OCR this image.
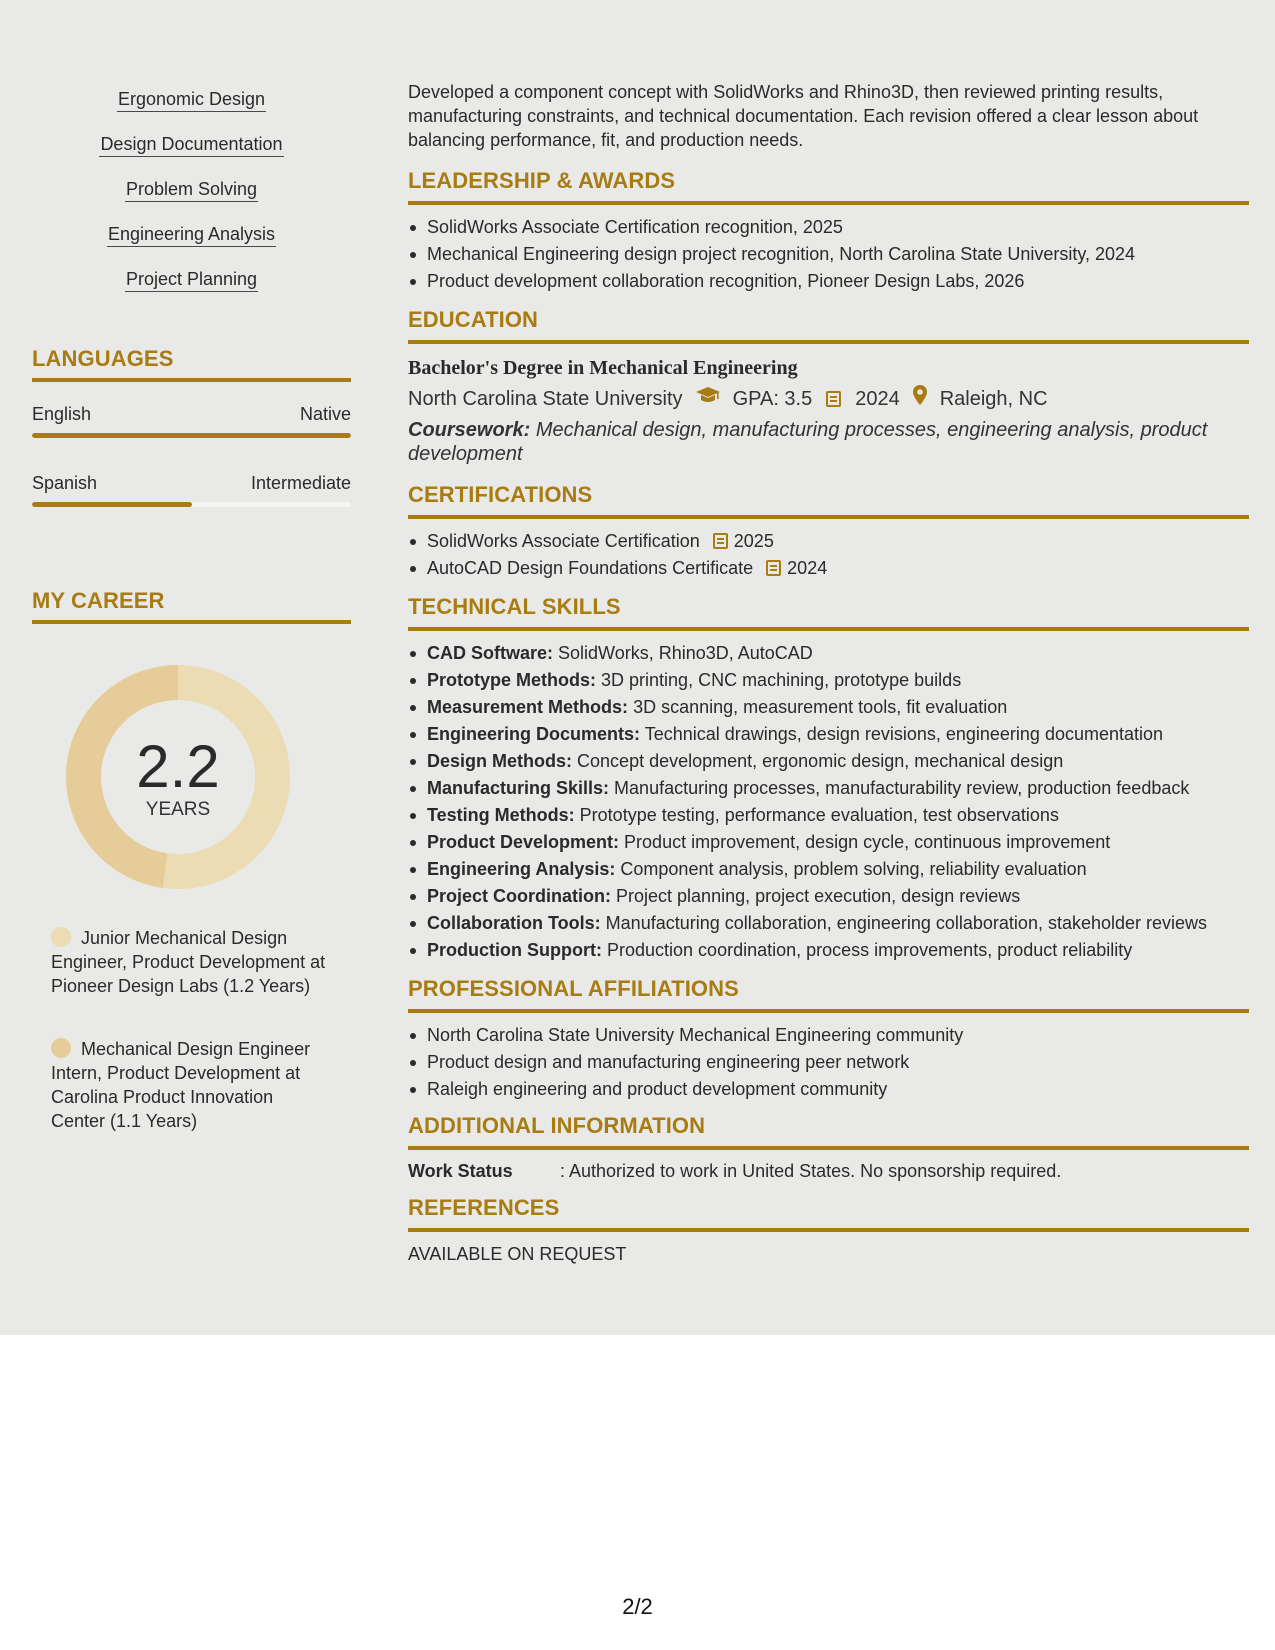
Ergonomic Design
Design Documentation
Problem Solving
Engineering Analysis
Project Planning
LANGUAGES
English	Native
Spanish	Intermediate
MY CAREER
2.2
YEARS
Junior Mechanical Design Engineer, Product Development at Pioneer Design Labs (1.2 Years)
Mechanical Design Engineer Intern, Product Development at Carolina Product Innovation Center (1.1 Years)
Developed a component concept with SolidWorks and Rhino3D, then reviewed printing results, manufacturing constraints, and technical documentation. Each revision offered a clear lesson about balancing performance, fit, and production needs.
LEADERSHIP & AWARDS
SolidWorks Associate Certification recognition, 2025
Mechanical Engineering design project recognition, North Carolina State University, 2024
Product development collaboration recognition, Pioneer Design Labs, 2026
EDUCATION
Bachelor's Degree in Mechanical Engineering
North Carolina State University	GPA: 3.5 2024 Raleigh, NC
Coursework: Mechanical design, manufacturing processes, engineering analysis, product development
CERTIFICATIONS
SolidWorks Associate Certification 2025
AutoCAD Design Foundations Certificate 2024
TECHNICAL SKILLS
CAD Software: SolidWorks, Rhino3D, AutoCAD
Prototype Methods: 3D printing, CNC machining, prototype builds
Measurement Methods: 3D scanning, measurement tools, fit evaluation
Engineering Documents: Technical drawings, design revisions, engineering documentation
Design Methods: Concept development, ergonomic design, mechanical design
Manufacturing Skills: Manufacturing processes, manufacturability review, production feedback
Testing Methods: Prototype testing, performance evaluation, test observations
Product Development: Product improvement, design cycle, continuous improvement
Engineering Analysis: Component analysis, problem solving, reliability evaluation
Project Coordination: Project planning, project execution, design reviews
Collaboration Tools: Manufacturing collaboration, engineering collaboration, stakeholder reviews
Production Support: Production coordination, process improvements, product reliability
PROFESSIONAL AFFILIATIONS
North Carolina State University Mechanical Engineering community
Product design and manufacturing engineering peer network
Raleigh engineering and product development community
ADDITIONAL INFORMATION
Work Status	: Authorized to work in United States. No sponsorship required.
REFERENCES
AVAILABLE ON REQUEST
2/2
